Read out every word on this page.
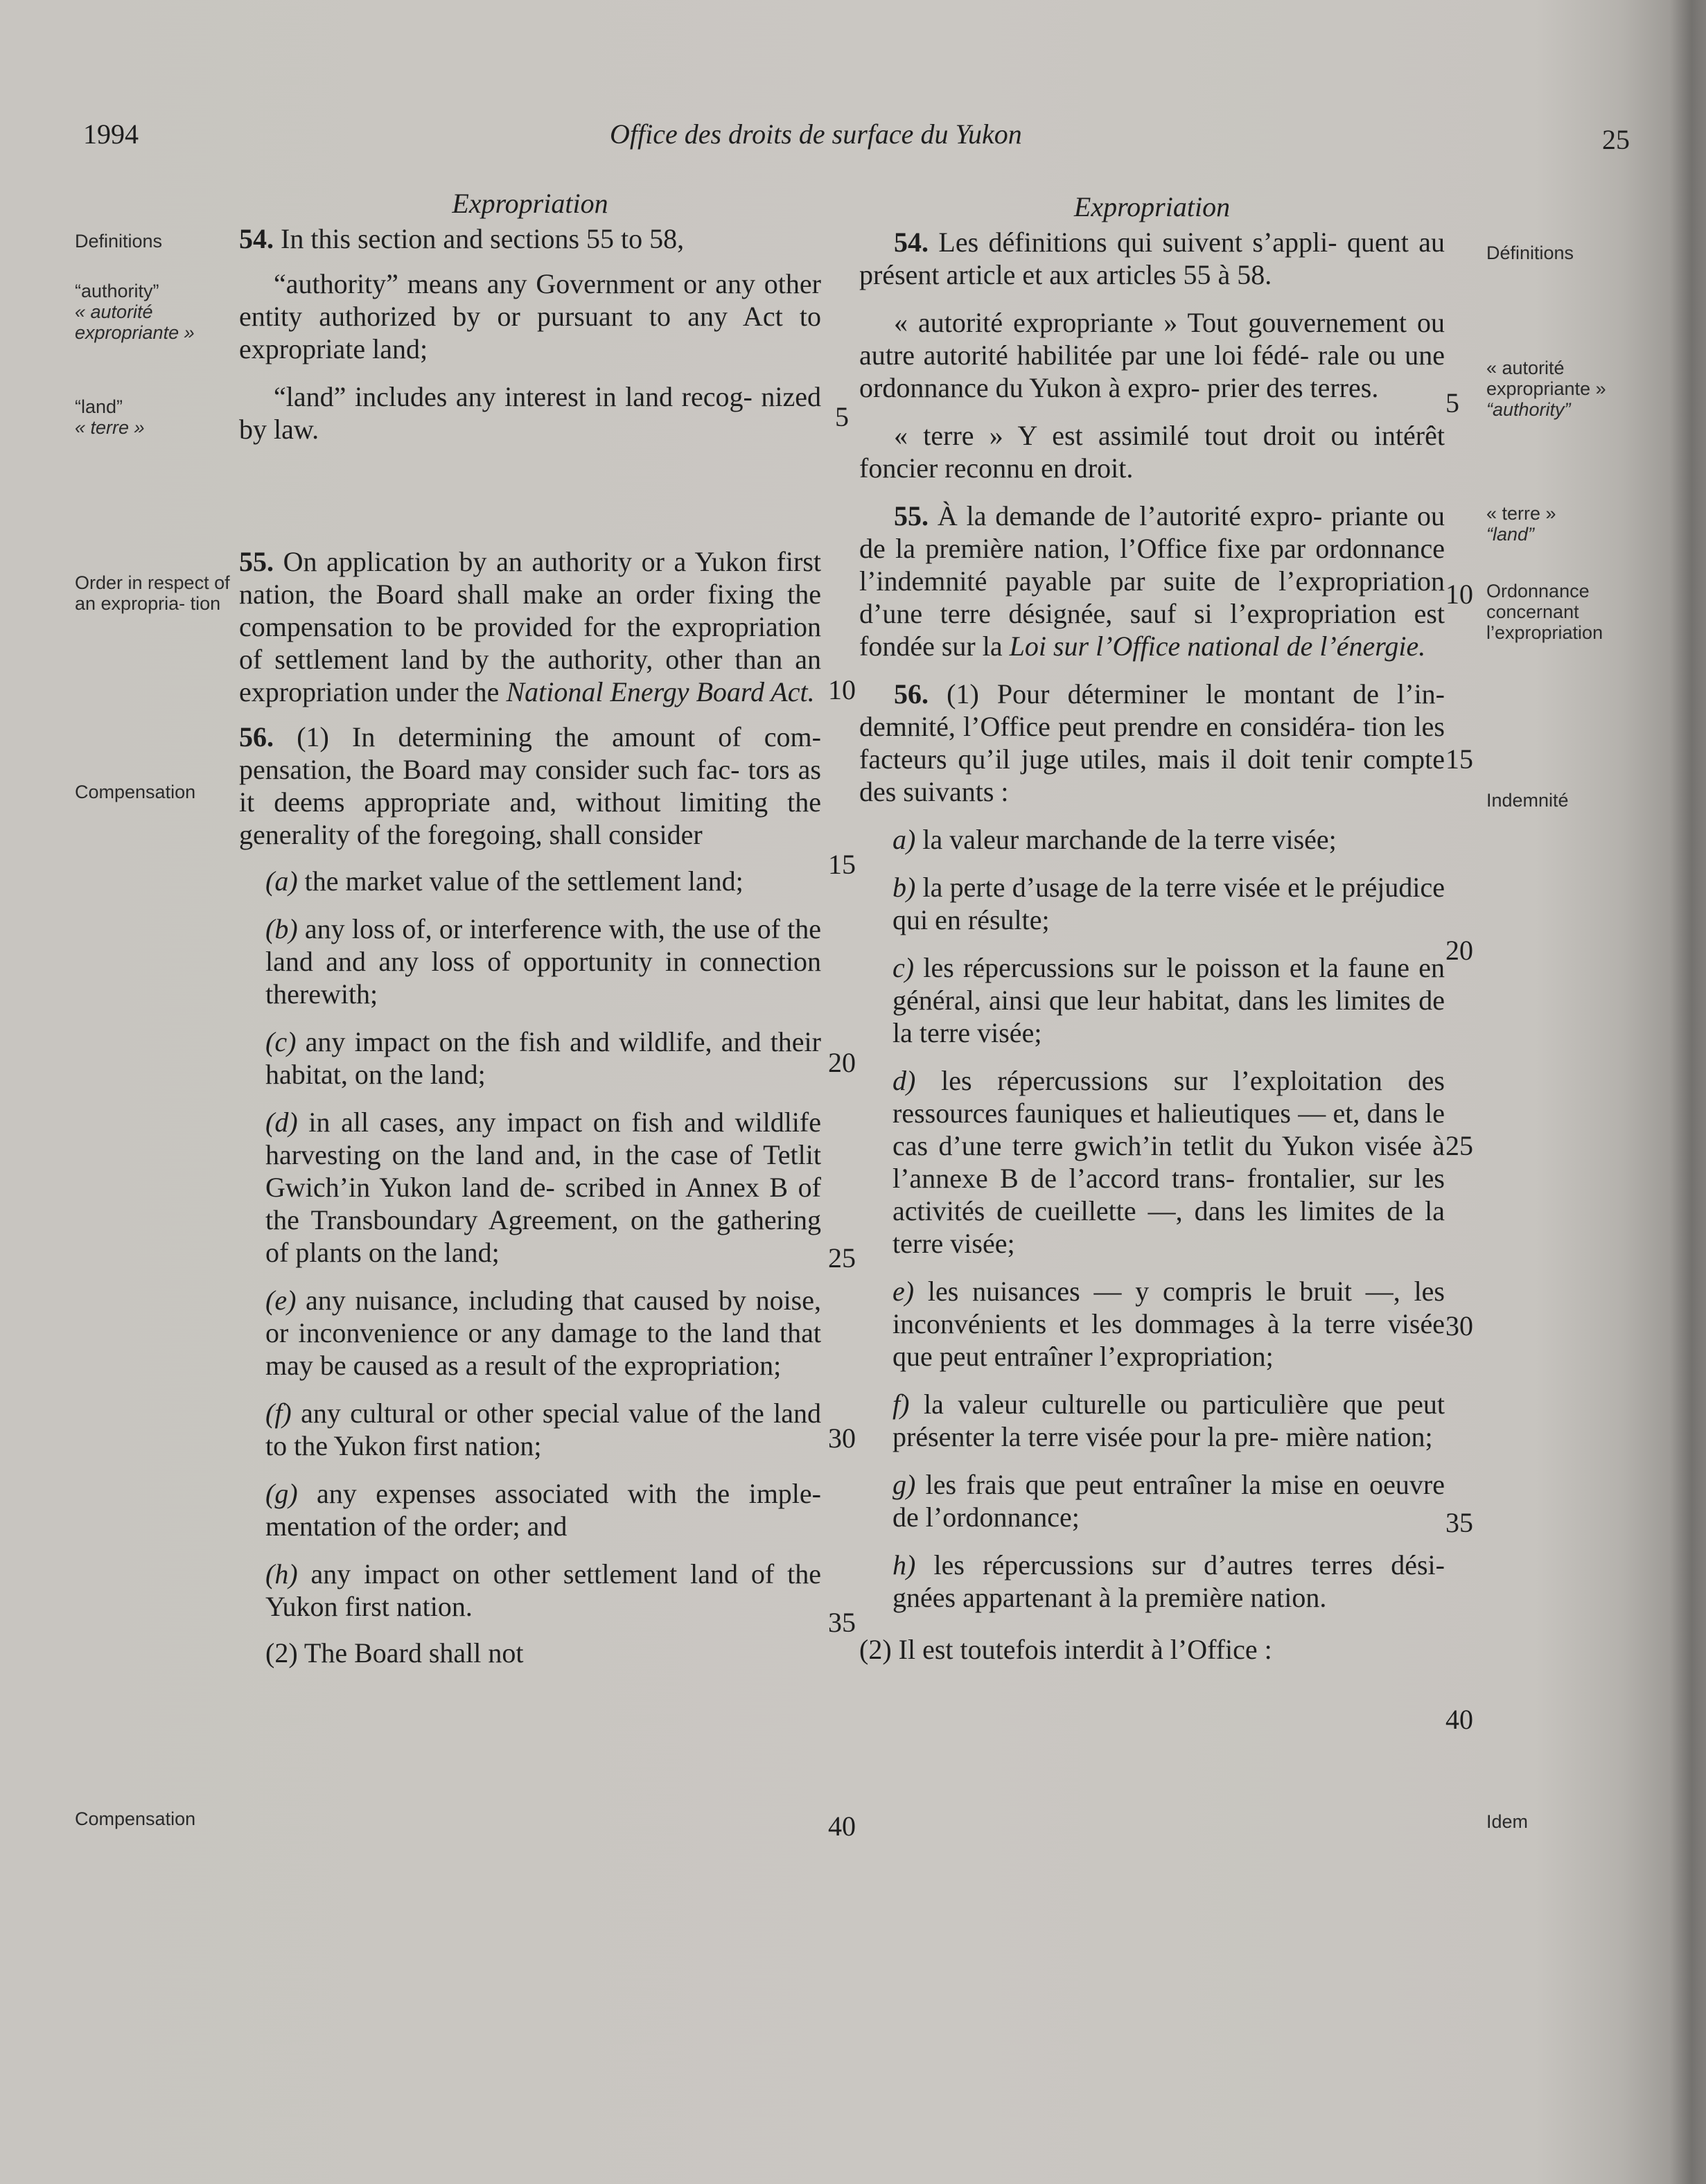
1994	Office des droits de surface du Yukon	25
Definitions
“authority”
« autorité expropriante »
“land”
« terre »
Order in respect of an expropria- tion
Compensation
Compensation
Définitions
« autorité expropriante »
“authority”
« terre »
“land”
Ordonnance concernant l’expropriation
Indemnité
Idem
5
10
15
20
25
30
35
40
5
10
15
20
25
30
35
40

Expropriation

54. In this section and sections 55 to 58,

“authority” means any Government or any other entity authorized by or pursuant to any Act to expropriate land;

“land” includes any interest in land recog- nized by law.

55. On application by an authority or a Yukon first nation, the Board shall make an order fixing the compensation to be provided for the expropriation of settlement land by the authority, other than an expropriation under the National Energy Board Act.

56. (1) In determining the amount of com- pensation, the Board may consider such fac- tors as it deems appropriate and, without limiting the generality of the foregoing, shall consider

(a) the market value of the settlement land;

(b) any loss of, or interference with, the use of the land and any loss of opportunity in connection therewith;

(c) any impact on the fish and wildlife, and their habitat, on the land;

(d) in all cases, any impact on fish and wildlife harvesting on the land and, in the case of Tetlit Gwich’in Yukon land de- scribed in Annex B of the Transboundary Agreement, on the gathering of plants on the land;

(e) any nuisance, including that caused by noise, or inconvenience or any damage to the land that may be caused as a result of the expropriation;

(f) any cultural or other special value of the land to the Yukon first nation;

(g) any expenses associated with the imple- mentation of the order; and

(h) any impact on other settlement land of the Yukon first nation.

(2) The Board shall not

Expropriation

54. Les définitions qui suivent s’appli- quent au présent article et aux articles 55 à 58.

« autorité expropriante » Tout gouvernement ou autre autorité habilitée par une loi fédé- rale ou une ordonnance du Yukon à expro- prier des terres.

« terre » Y est assimilé tout droit ou intérêt foncier reconnu en droit.

55. À la demande de l’autorité expro- priante ou de la première nation, l’Office fixe par ordonnance l’indemnité payable par suite de l’expropriation d’une terre désignée, sauf si l’expropriation est fondée sur la Loi sur l’Office national de l’énergie.

56. (1) Pour déterminer le montant de l’in- demnité, l’Office peut prendre en considéra- tion les facteurs qu’il juge utiles, mais il doit tenir compte des suivants :

a) la valeur marchande de la terre visée;

b) la perte d’usage de la terre visée et le préjudice qui en résulte;

c) les répercussions sur le poisson et la faune en général, ainsi que leur habitat, dans les limites de la terre visée;

d) les répercussions sur l’exploitation des ressources fauniques et halieutiques — et, dans le cas d’une terre gwich’in tetlit du Yukon visée à l’annexe B de l’accord trans- frontalier, sur les activités de cueillette —, dans les limites de la terre visée;

e) les nuisances — y compris le bruit —, les inconvénients et les dommages à la terre visée que peut entraîner l’expropriation;

f) la valeur culturelle ou particulière que peut présenter la terre visée pour la pre- mière nation;

g) les frais que peut entraîner la mise en oeuvre de l’ordonnance;

h) les répercussions sur d’autres terres dési- gnées appartenant à la première nation.

(2) Il est toutefois interdit à l’Office :
